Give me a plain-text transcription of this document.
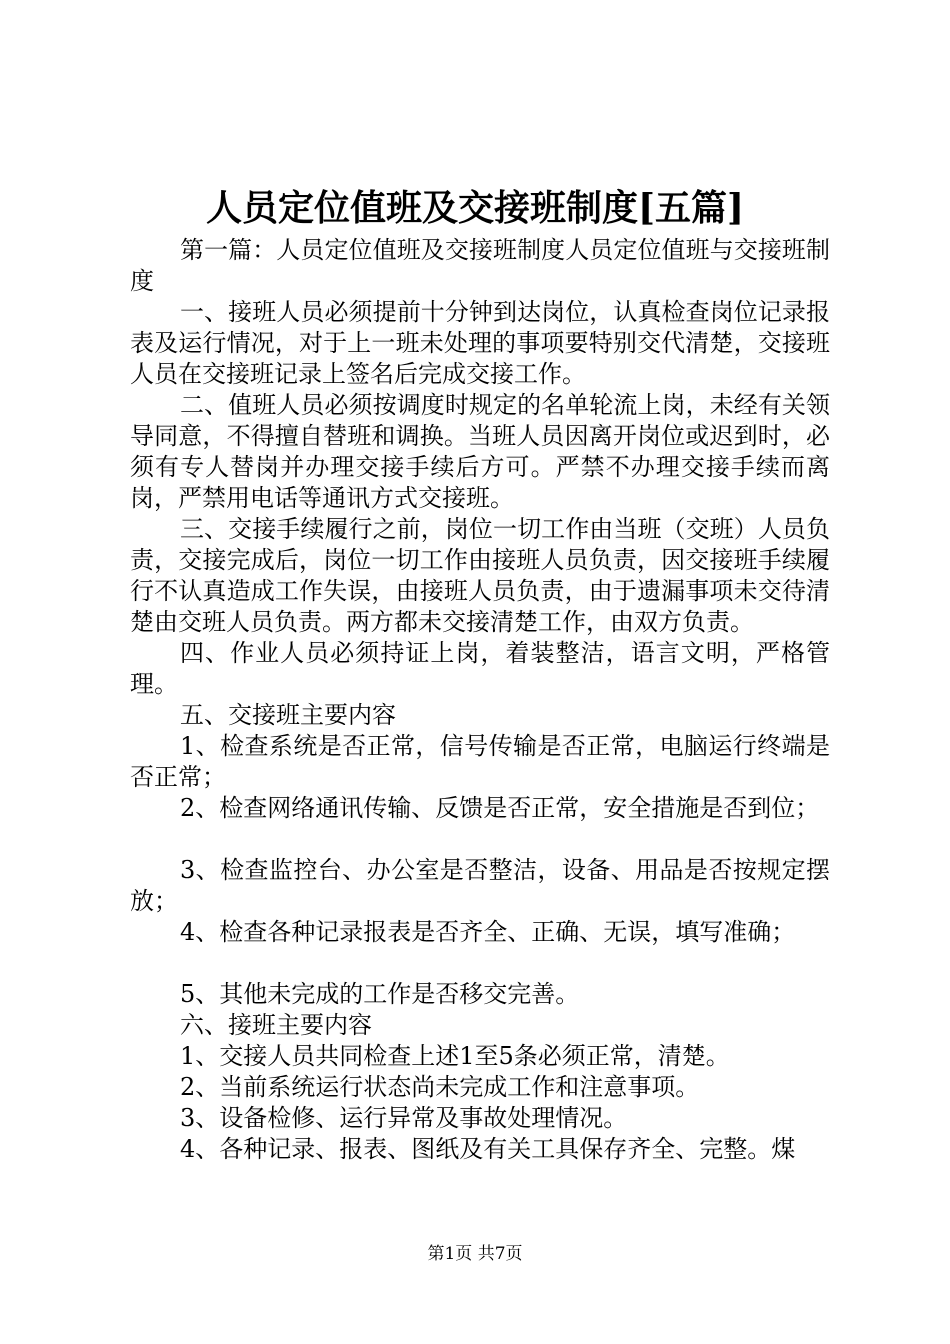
人员定位值班及交接班制度[五篇]

第一篇：人员定位值班及交接班制度人员定位值班与交接班制度

一、接班人员必须提前十分钟到达岗位，认真检查岗位记录报表及运行情况，对于上一班未处理的事项要特别交代清楚，交接班人员在交接班记录上签名后完成交接工作。

二、值班人员必须按调度时规定的名单轮流上岗，未经有关领导同意，不得擅自替班和调换。当班人员因离开岗位或迟到时，必须有专人替岗并办理交接手续后方可。严禁不办理交接手续而离岗，严禁用电话等通讯方式交接班。

三、交接手续履行之前，岗位一切工作由当班（交班）人员负责，交接完成后，岗位一切工作由接班人员负责，因交接班手续履行不认真造成工作失误，由接班人员负责，由于遗漏事项未交待清楚由交班人员负责。两方都未交接清楚工作，由双方负责。

四、作业人员必须持证上岗，着装整洁，语言文明，严格管理。

五、交接班主要内容

1、检查系统是否正常，信号传输是否正常，电脑运行终端是否正常；

2、检查网络通讯传输、反馈是否正常，安全措施是否到位；

3、检查监控台、办公室是否整洁，设备、用品是否按规定摆放；

4、检查各种记录报表是否齐全、正确、无误，填写准确；

5、其他未完成的工作是否移交完善。

六、接班主要内容

1、交接人员共同检查上述1至5条必须正常，清楚。

2、当前系统运行状态尚未完成工作和注意事项。

3、设备检修、运行异常及事故处理情况。

4、各种记录、报表、图纸及有关工具保存齐全、完整。煤

第1页 共7页
